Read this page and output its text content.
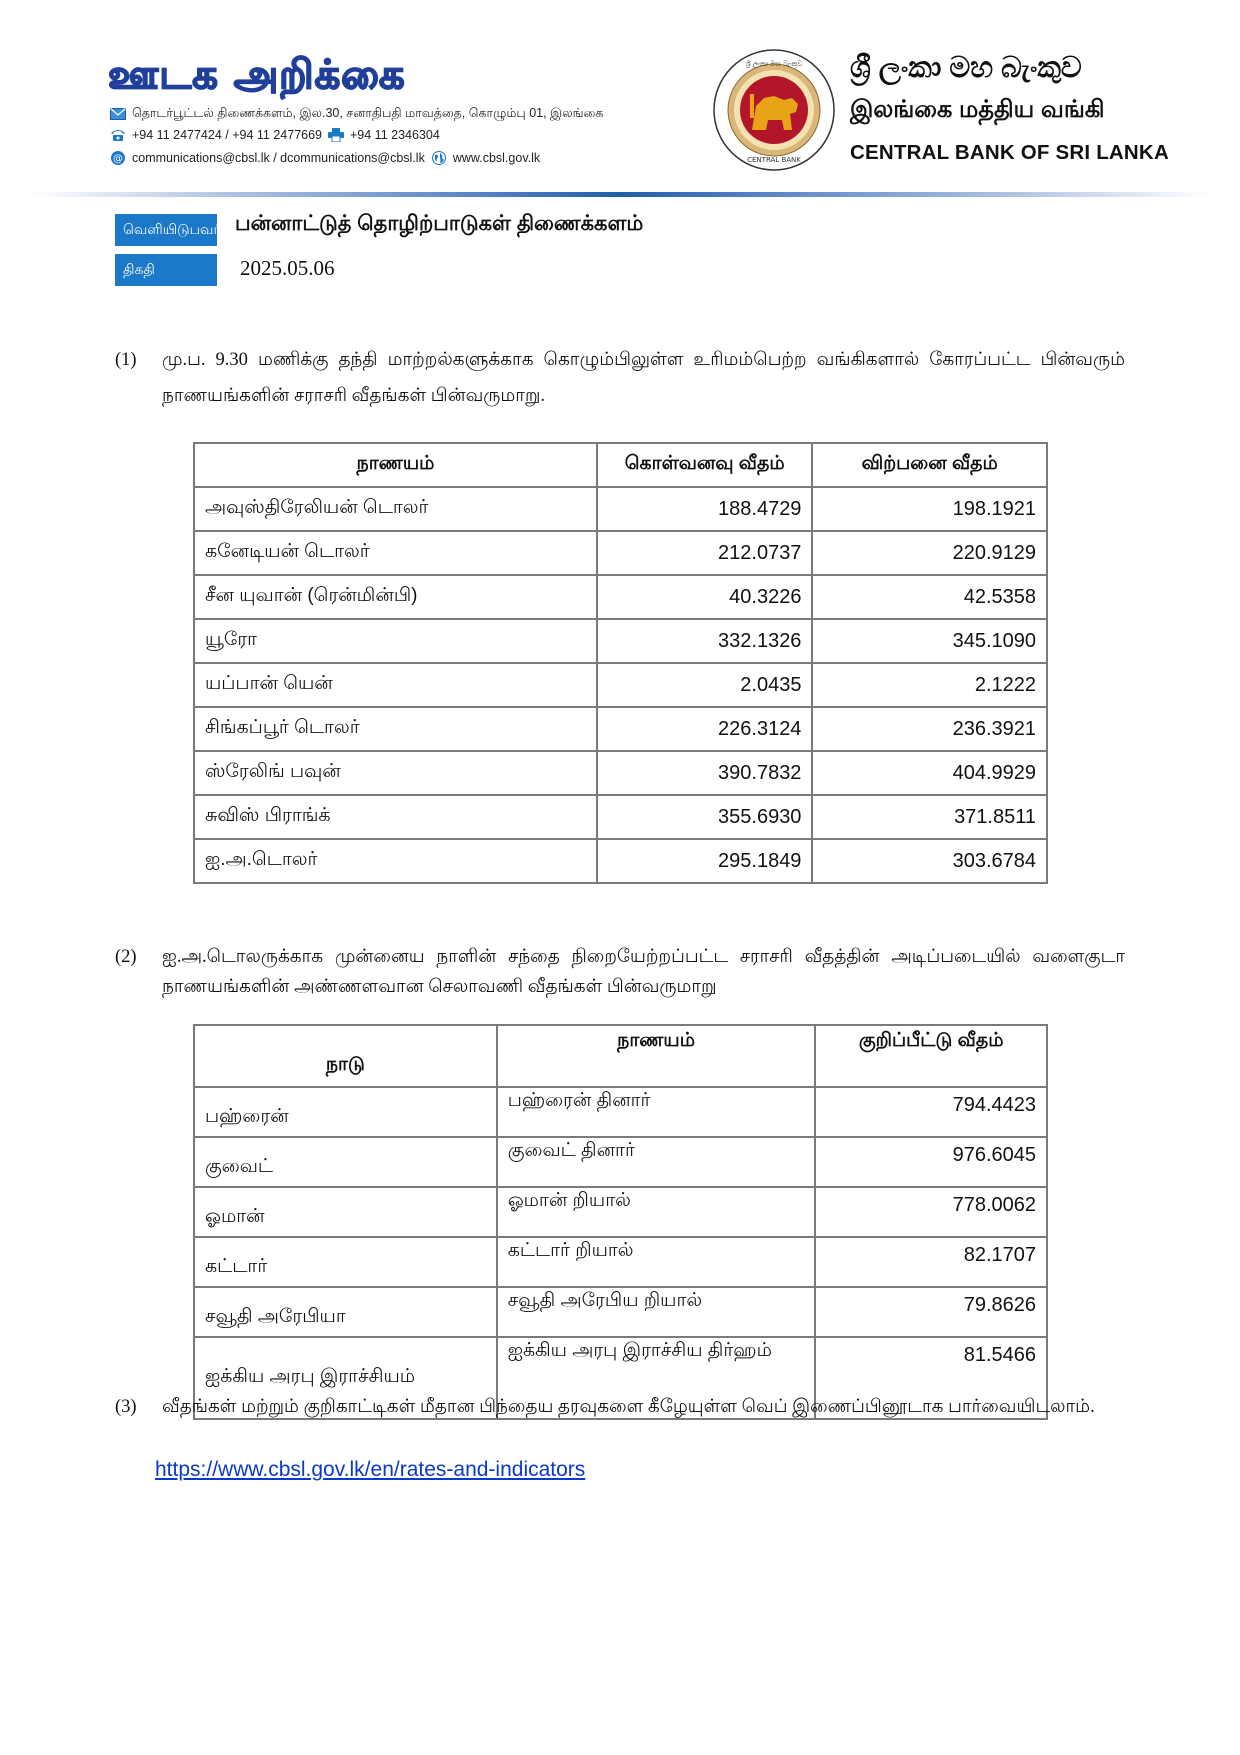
ஊடக அறிக்கை
தொடர்பூட்டல் திணைக்களம், இல.30, சனாதிபதி மாவத்தை, கொழும்பு 01, இலங்கை
+94 11 2477424 / +94 11 2477669 +94 11 2346304
@ communications@cbsl.lk / dcommunications@cbsl.lk www.cbsl.gov.lk
ශ්‍රී ලංකා මහ බැංකුව
CENTRAL BANK
ශ්‍රී ලංකා මහ බැංකුව
இலங்கை மத்திய வங்கி
CENTRAL BANK OF SRI LANKA
வெளியிடுபவர் பன்னாட்டுத் தொழிற்பாடுகள் திணைக்களம்
திகதி	2025.05.06
(1) மு.ப. 9.30 மணிக்கு தந்தி மாற்றல்களுக்காக கொழும்பிலுள்ள உரிமம்பெற்ற வங்கிகளால் கோரப்பட்ட பின்வரும் நாணயங்களின் சராசரி வீதங்கள் பின்வருமாறு.
நாணயம்	கொள்வனவு வீதம்	விற்பனை வீதம்
அவுஸ்திரேலியன் டொலர்	188.4729	198.1921
கனேடியன் டொலர்	212.0737	220.9129
சீன யுவான் (ரென்மின்பி)	40.3226	42.5358
யூரோ	332.1326	345.1090
யப்பான் யென்	2.0435	2.1222
சிங்கப்பூர் டொலர்	226.3124	236.3921
ஸ்ரேலிங் பவுன்	390.7832	404.9929
சுவிஸ் பிராங்க்	355.6930	371.8511
ஐ.அ.டொலர்	295.1849	303.6784
(2) ஐ.அ.டொலருக்காக முன்னைய நாளின் சந்தை நிறையேற்றப்பட்ட சராசரி வீதத்தின் அடிப்படையில் வளைகுடா நாணயங்களின் அண்ணளவான செலாவணி வீதங்கள் பின்வருமாறு
நாடு	நாணயம்	குறிப்பீட்டு வீதம்
பஹ்ரைன்	பஹ்ரைன் தினார்	794.4423
குவைட்	குவைட் தினார்	976.6045
ஓமான்	ஓமான் றியால்	778.0062
கட்டார்	கட்டார் றியால்	82.1707
சவூதி அரேபியா	சவூதி அரேபிய றியால்	79.8626
ஐக்கிய அரபு இராச்சியம்	ஐக்கிய அரபு இராச்சிய திர்ஹம்	81.5466
(3) வீதங்கள் மற்றும் குறிகாட்டிகள் மீதான பிந்தைய தரவுகளை கீழேயுள்ள வெப் இணைப்பினூடாக பார்வையிடலாம்.
https://www.cbsl.gov.lk/en/rates-and-indicators
